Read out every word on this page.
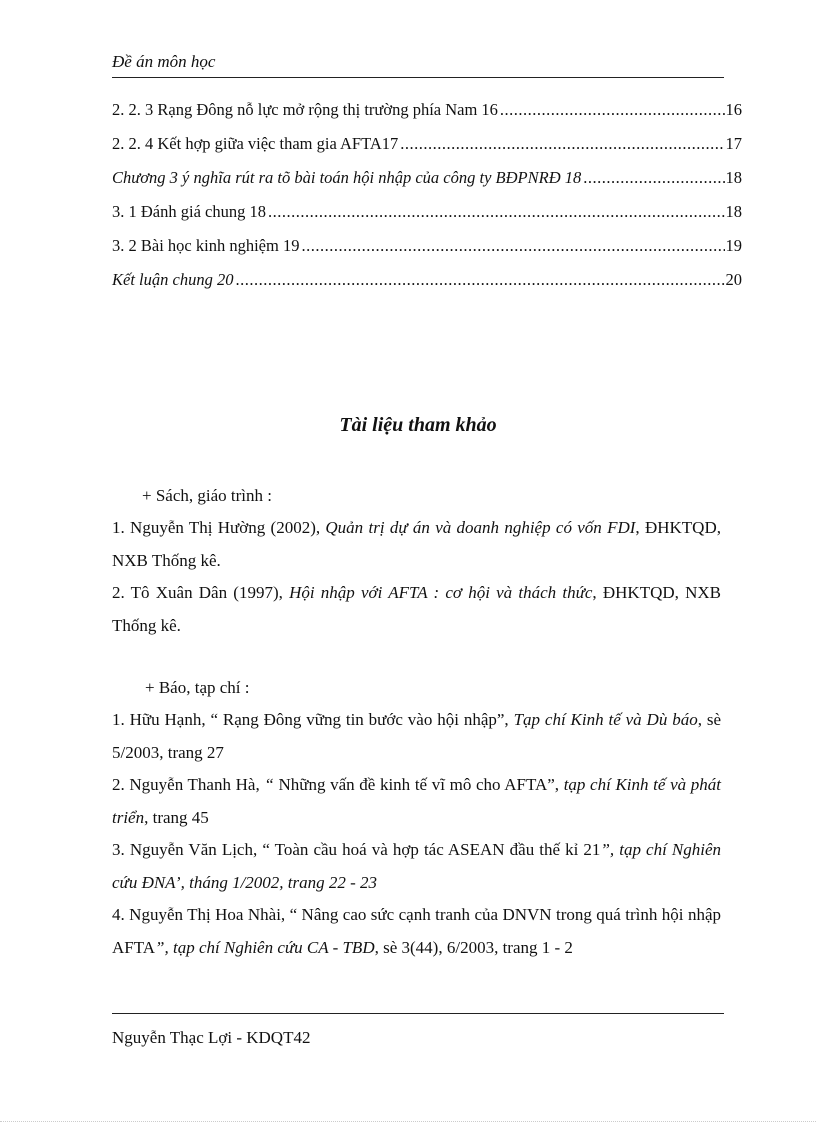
Đề án môn học
2. 2. 3 Rạng Đông nỗ lực mở rộng thị trường phía Nam 16 .....	16
2. 2. 4 Kết hợp giữa việc tham gia AFTA17 .....	17
Chương 3 ý nghĩa rút ra tõ bài toán hội nhập của công ty BĐPNRĐ 18 .....	18
3. 1 Đánh giá chung 18 .....	18
3. 2 Bài học kinh nghiệm 19 .....	19
Kết luận chung 20 .....	20
Tài liệu tham khảo
+ Sách, giáo trình :
1. Nguyễn Thị Hường (2002), Quản trị dự án và doanh nghiệp có vốn FDI, ĐHKTQD, NXB Thống kê.
2. Tô Xuân Dân (1997), Hội nhập với AFTA : cơ hội và thách thức, ĐHKTQD, NXB Thống kê.
+ Báo, tạp chí :
1. Hữu Hạnh, “ Rạng Đông vững tin bước vào hội nhập”, Tạp chí Kinh tế và Dù báo, sè 5/2003, trang 27
2. Nguyễn Thanh Hà, “ Những vấn đề kinh tế vĩ mô cho AFTA”, tạp chí Kinh tế và phát triển, trang 45
3. Nguyễn Văn Lịch, “ Toàn cầu hoá và hợp tác ASEAN đầu thế kỉ 21”, tạp chí Nghiên cứu ĐNA’, tháng 1/2002, trang 22 - 23
4. Nguyễn Thị Hoa Nhài, “ Nâng cao sức cạnh tranh của DNVN trong quá trình hội nhập AFTA”, tạp chí Nghiên cứu CA - TBD, sè 3(44), 6/2003, trang 1 - 2
Nguyễn Thạc Lợi - KDQT42
